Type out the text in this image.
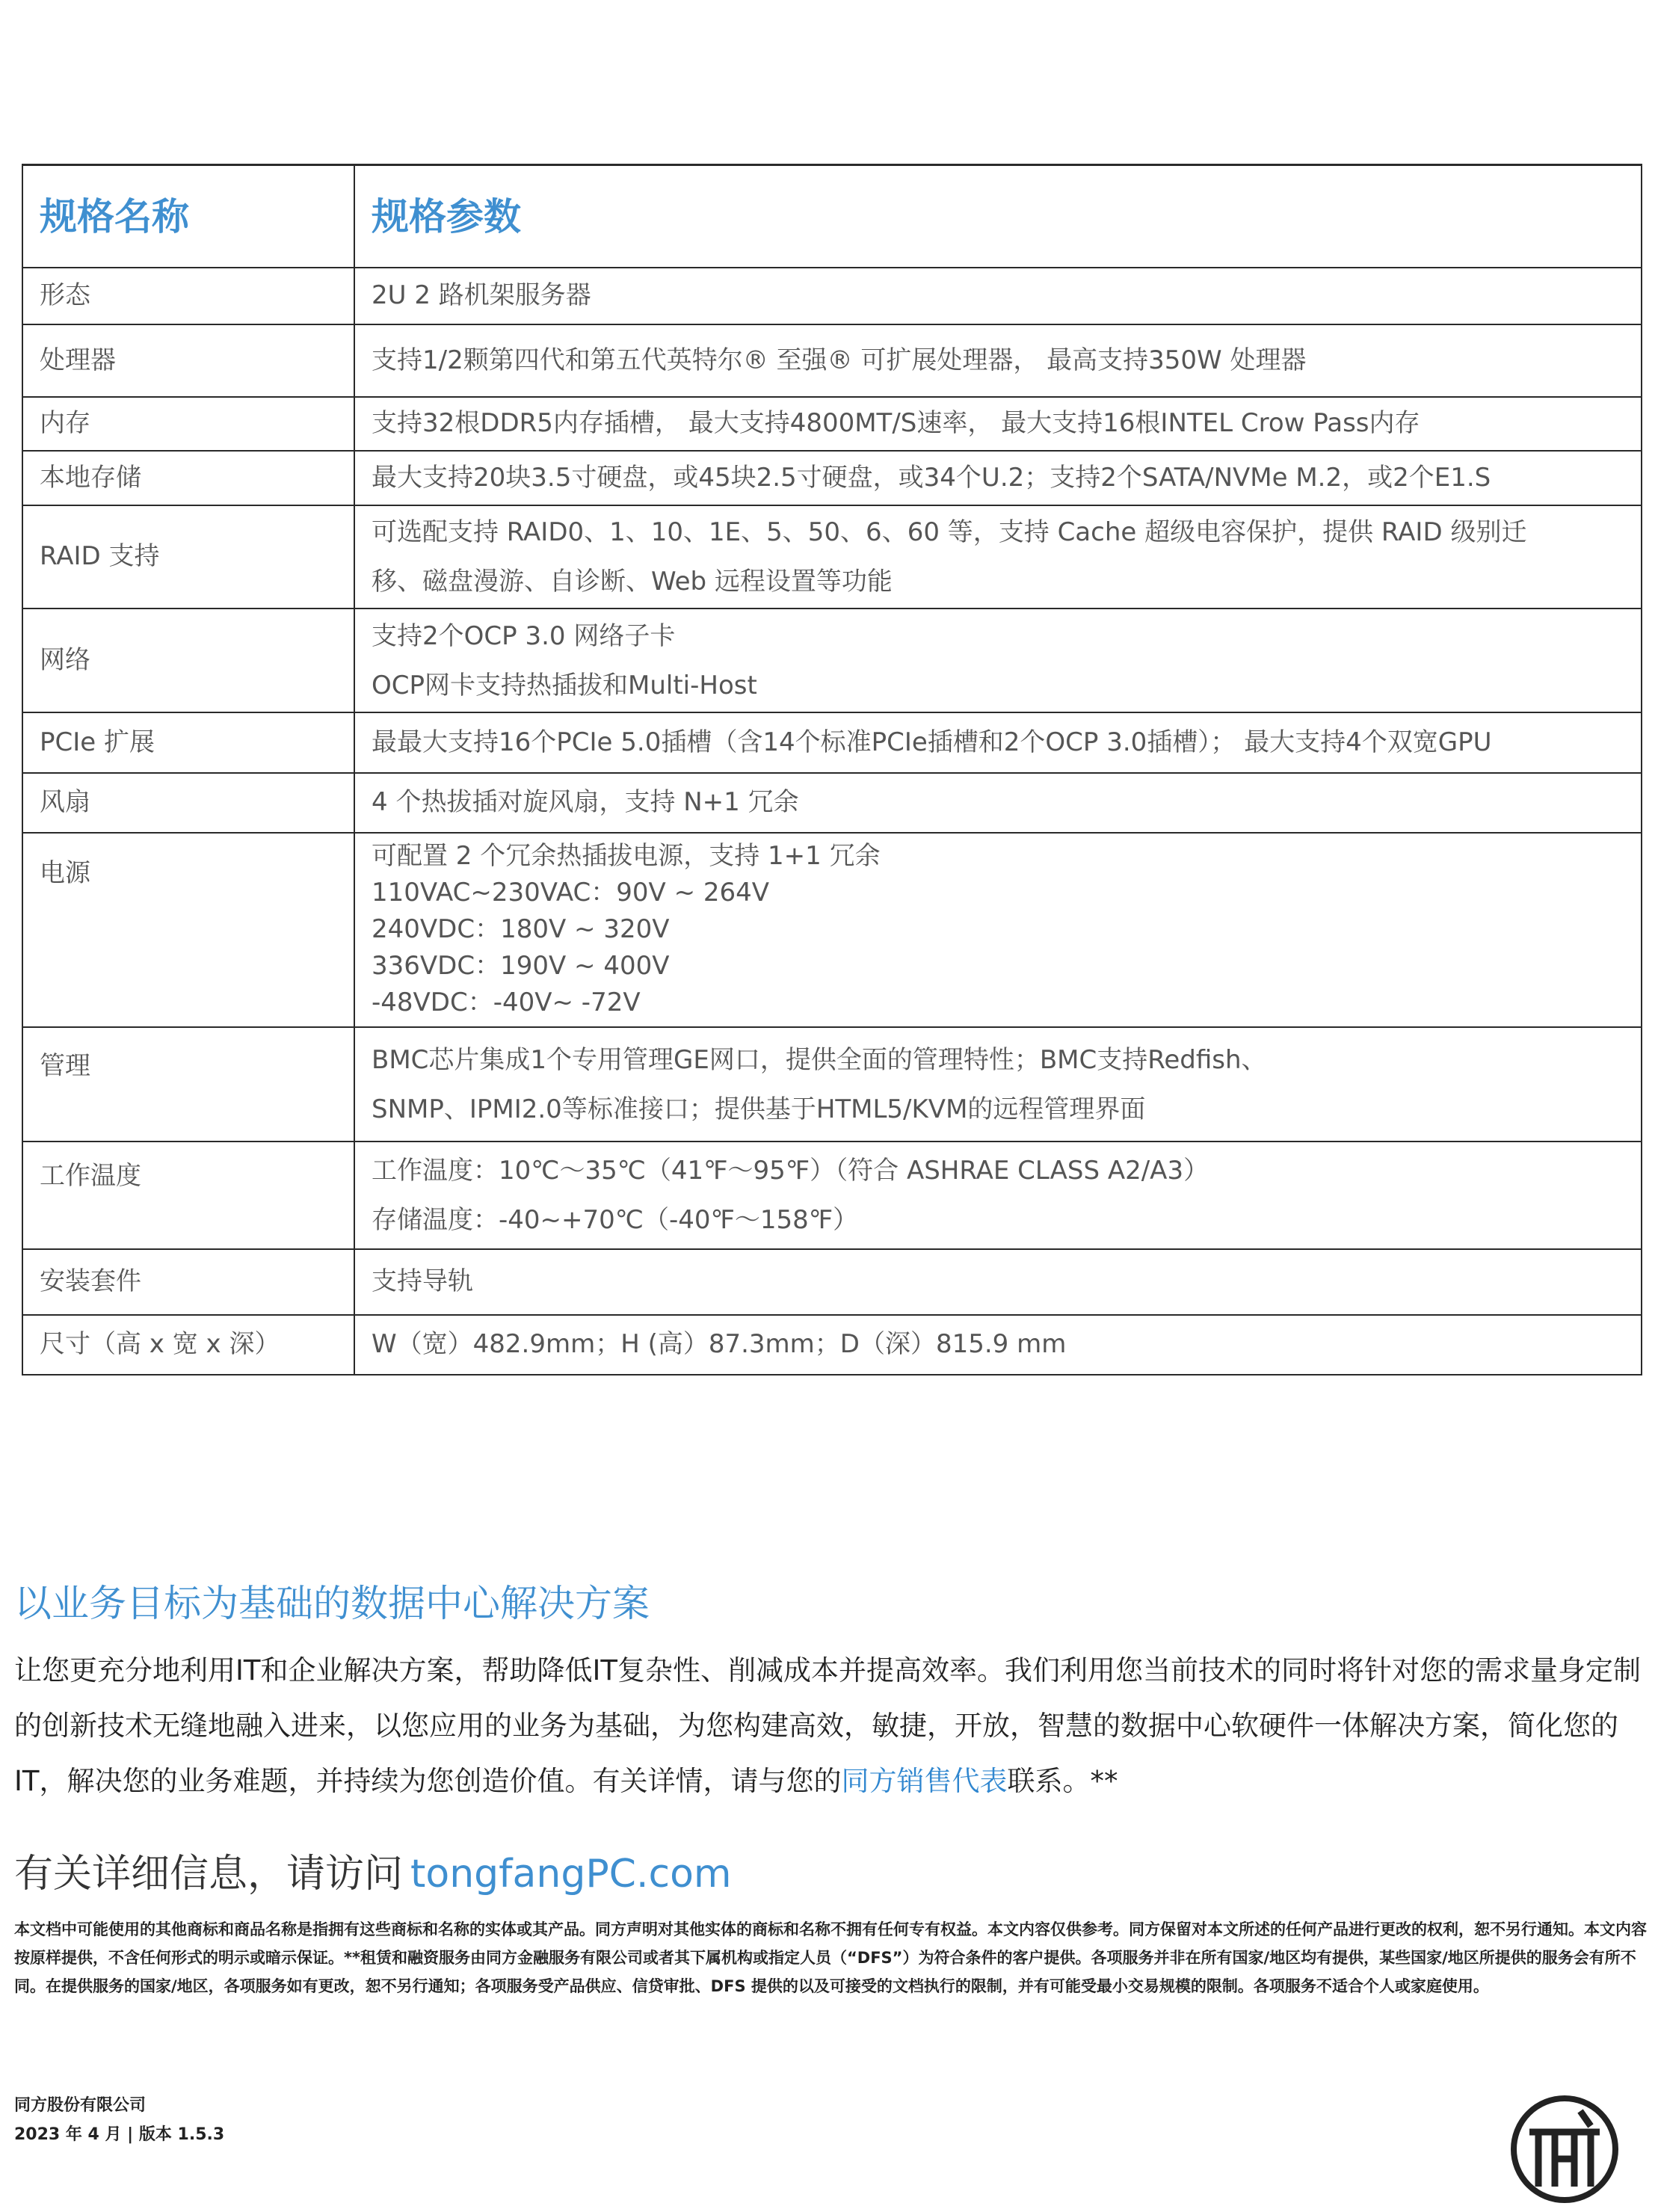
规格名称	规格参数
形态	2U 2 路机架服务器

处理器	支持1/2颗第四代和第五代英特尔® 至强® 可扩展处理器， 最高支持350W 处理器

内存	支持32根DDR5内存插槽， 最大支持4800MT/S速率， 最大支持16根INTEL Crow Pass内存

本地存储	最大支持20块3.5寸硬盘，或45块2.5寸硬盘，或34个U.2；支持2个SATA/NVMe M.2，或2个E1.S

RAID 支持	可选配支持 RAID0、1、10、1E、5、50、6、60 等，支持 Cache 超级电容保护，提供 RAID 级别迁
移、磁盘漫游、自诊断、Web 远程设置等功能

网络	支持2个OCP 3.0 网络子卡
OCP网卡支持热插拔和Multi-Host

PCIe 扩展	最最大支持16个PCIe 5.0插槽（含14个标准PCIe插槽和2个OCP 3.0插槽）； 最大支持4个双宽GPU

风扇	4 个热拔插对旋风扇，支持 N+1 冗余

电源	可配置 2 个冗余热插拔电源，支持 1+1 冗余
110VAC~230VAC：90V ~ 264V
240VDC：180V ~ 320V
336VDC：190V ~ 400V
-48VDC：-40V~ -72V

管理	BMC芯片集成1个专用管理GE网口，提供全面的管理特性；BMC支持Redfish、
SNMP、IPMI2.0等标准接口；提供基于HTML5/KVM的远程管理界面

工作温度	工作温度：10℃～35℃（41℉～95℉）（符合 ASHRAE CLASS A2/A3）
存储温度：-40~+70℃（-40℉～158℉）

安装套件	支持导轨

尺寸（高 x 宽 x 深）	W（宽）482.9mm；H (高）87.3mm；D（深）815.9 mm
以业务目标为基础的数据中心解决方案

让您更充分地利用IT和企业解决方案，帮助降低IT复杂性、削减成本并提高效率。我们利用您当前技术的同时将针对您的需求量身定制的创新技术无缝地融入进来，以您应用的业务为基础，为您构建高效，敏捷，开放，智慧的数据中心软硬件一体解决方案，简化您的IT，解决您的业务难题，并持续为您创造价值。有关详情，请与您的同方销售代表联系。**

有关详细信息，请访问 tongfangPC.com

本文档中可能使用的其他商标和商品名称是指拥有这些商标和名称的实体或其产品。同方声明对其他实体的商标和名称不拥有任何专有权益。本文内容仅供参考。同方保留对本文所述的任何产品进行更改的权利，恕不另行通知。本文内容按原样提供，不含任何形式的明示或暗示保证。**租赁和融资服务由同方金融服务有限公司或者其下属机构或指定人员（“DFS”）为符合条件的客户提供。各项服务并非在所有国家/地区均有提供，某些国家/地区所提供的服务会有所不同。在提供服务的国家/地区，各项服务如有更改，恕不另行通知；各项服务受产品供应、信贷审批、DFS 提供的以及可接受的文档执行的限制，并有可能受最小交易规模的限制。各项服务不适合个人或家庭使用。

同方股份有限公司

2023 年 4 月 | 版本 1.5.3
